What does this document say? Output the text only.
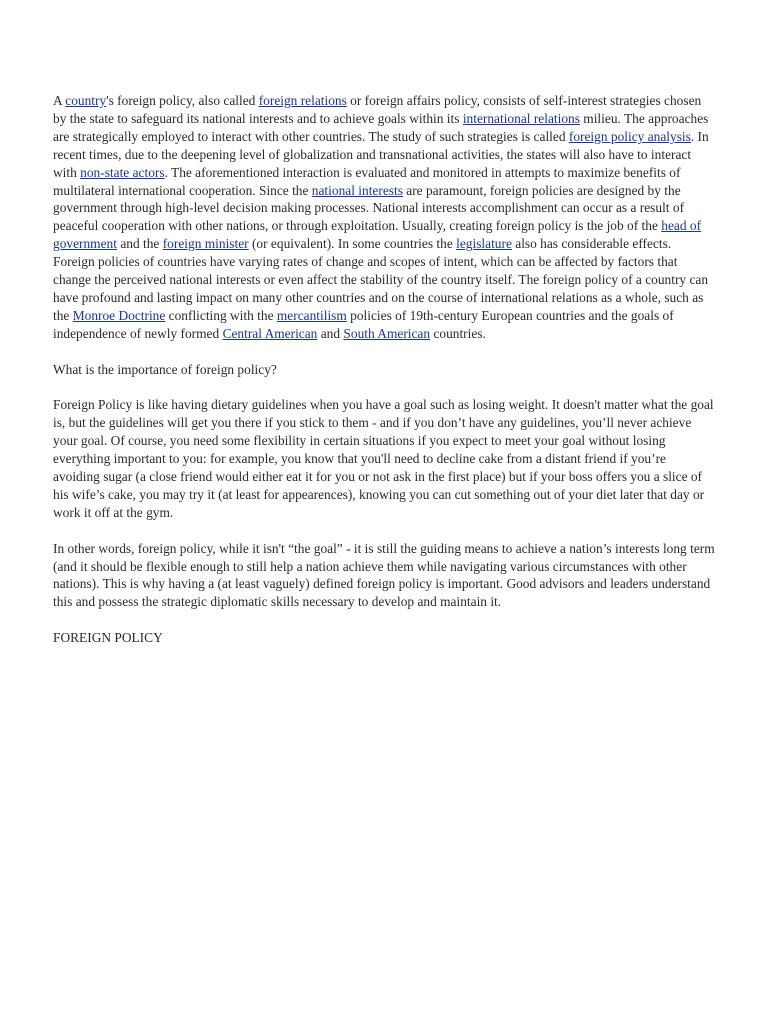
A country's foreign policy, also called foreign relations or foreign affairs policy, consists of self-interest strategies chosen by the state to safeguard its national interests and to achieve goals within its international relations milieu. The approaches are strategically employed to interact with other countries. The study of such strategies is called foreign policy analysis. In recent times, due to the deepening level of globalization and transnational activities, the states will also have to interact with non-state actors. The aforementioned interaction is evaluated and monitored in attempts to maximize benefits of multilateral international cooperation. Since the national interests are paramount, foreign policies are designed by the government through high-level decision making processes. National interests accomplishment can occur as a result of peaceful cooperation with other nations, or through exploitation. Usually, creating foreign policy is the job of the head of government and the foreign minister (or equivalent). In some countries the legislature also has considerable effects. Foreign policies of countries have varying rates of change and scopes of intent, which can be affected by factors that change the perceived national interests or even affect the stability of the country itself. The foreign policy of a country can have profound and lasting impact on many other countries and on the course of international relations as a whole, such as the Monroe Doctrine conflicting with the mercantilism policies of 19th-century European countries and the goals of independence of newly formed Central American and South American countries.

What is the importance of foreign policy?

Foreign Policy is like having dietary guidelines when you have a goal such as losing weight. It doesn't matter what the goal is, but the guidelines will get you there if you stick to them - and if you don’t have any guidelines, you’ll never achieve your goal. Of course, you need some flexibility in certain situations if you expect to meet your goal without losing everything important to you: for example, you know that you'll need to decline cake from a distant friend if you’re avoiding sugar (a close friend would either eat it for you or not ask in the first place) but if your boss offers you a slice of his wife’s cake, you may try it (at least for appearences), knowing you can cut something out of your diet later that day or work it off at the gym.

In other words, foreign policy, while it isn't “the goal” - it is still the guiding means to achieve a nation’s interests long term (and it should be flexible enough to still help a nation achieve them while navigating various circumstances with other nations). This is why having a (at least vaguely) defined foreign policy is important. Good advisors and leaders understand this and possess the strategic diplomatic skills necessary to develop and maintain it.

FOREIGN POLICY
